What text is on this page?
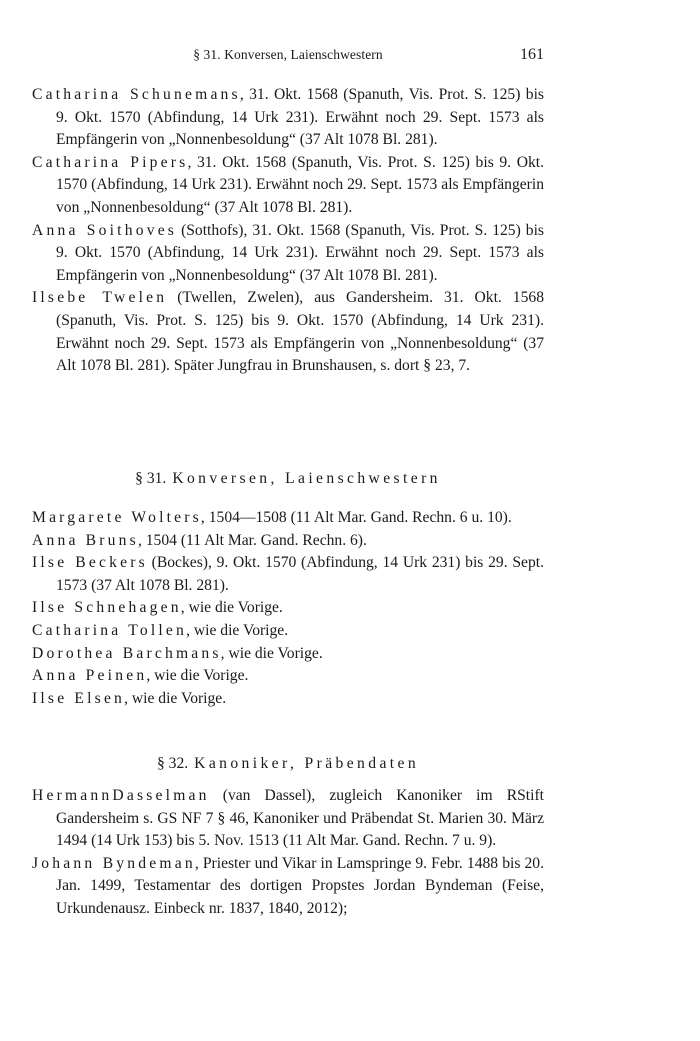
§ 31. Konversen, Laienschwestern	161

Catharina Schunemans, 31. Okt. 1568 (Spanuth, Vis. Prot. S. 125) bis 9. Okt. 1570 (Abfindung, 14 Urk 231). Erwähnt noch 29. Sept. 1573 als Empfängerin von „Nonnenbesoldung“ (37 Alt 1078 Bl. 281).

Catharina Pipers, 31. Okt. 1568 (Spanuth, Vis. Prot. S. 125) bis 9. Okt. 1570 (Abfindung, 14 Urk 231). Erwähnt noch 29. Sept. 1573 als Empfängerin von „Nonnenbesoldung“ (37 Alt 1078 Bl. 281).

Anna Soithoves (Sotthofs), 31. Okt. 1568 (Spanuth, Vis. Prot. S. 125) bis 9. Okt. 1570 (Abfindung, 14 Urk 231). Erwähnt noch 29. Sept. 1573 als Empfängerin von „Nonnenbesoldung“ (37 Alt 1078 Bl. 281).

Ilsebe Twelen (Twellen, Zwelen), aus Gandersheim. 31. Okt. 1568 (Spanuth, Vis. Prot. S. 125) bis 9. Okt. 1570 (Abfindung, 14 Urk 231). Erwähnt noch 29. Sept. 1573 als Empfängerin von „Nonnenbesoldung“ (37 Alt 1078 Bl. 281). Später Jungfrau in Brunshausen, s. dort § 23, 7.

§ 31. Konversen, Laienschwestern

Margarete Wolters, 1504—1508 (11 Alt Mar. Gand. Rechn. 6 u. 10).

Anna Bruns, 1504 (11 Alt Mar. Gand. Rechn. 6).

Ilse Beckers (Bockes), 9. Okt. 1570 (Abfindung, 14 Urk 231) bis 29. Sept. 1573 (37 Alt 1078 Bl. 281).

Ilse Schnehagen, wie die Vorige.

Catharina Tollen, wie die Vorige.

Dorothea Barchmans, wie die Vorige.

Anna Peinen, wie die Vorige.

Ilse Elsen, wie die Vorige.

§ 32. Kanoniker, Präbendaten

HermannDasselman (van Dassel), zugleich Kanoniker im RStift Gandersheim s. GS NF 7 § 46, Kanoniker und Präbendat St. Marien 30. März 1494 (14 Urk 153) bis 5. Nov. 1513 (11 Alt Mar. Gand. Rechn. 7 u. 9).

Johann Byndeman, Priester und Vikar in Lamspringe 9. Febr. 1488 bis 20. Jan. 1499, Testamentar des dortigen Propstes Jordan Byndeman (Feise, Urkundenausz. Einbeck nr. 1837, 1840, 2012);
